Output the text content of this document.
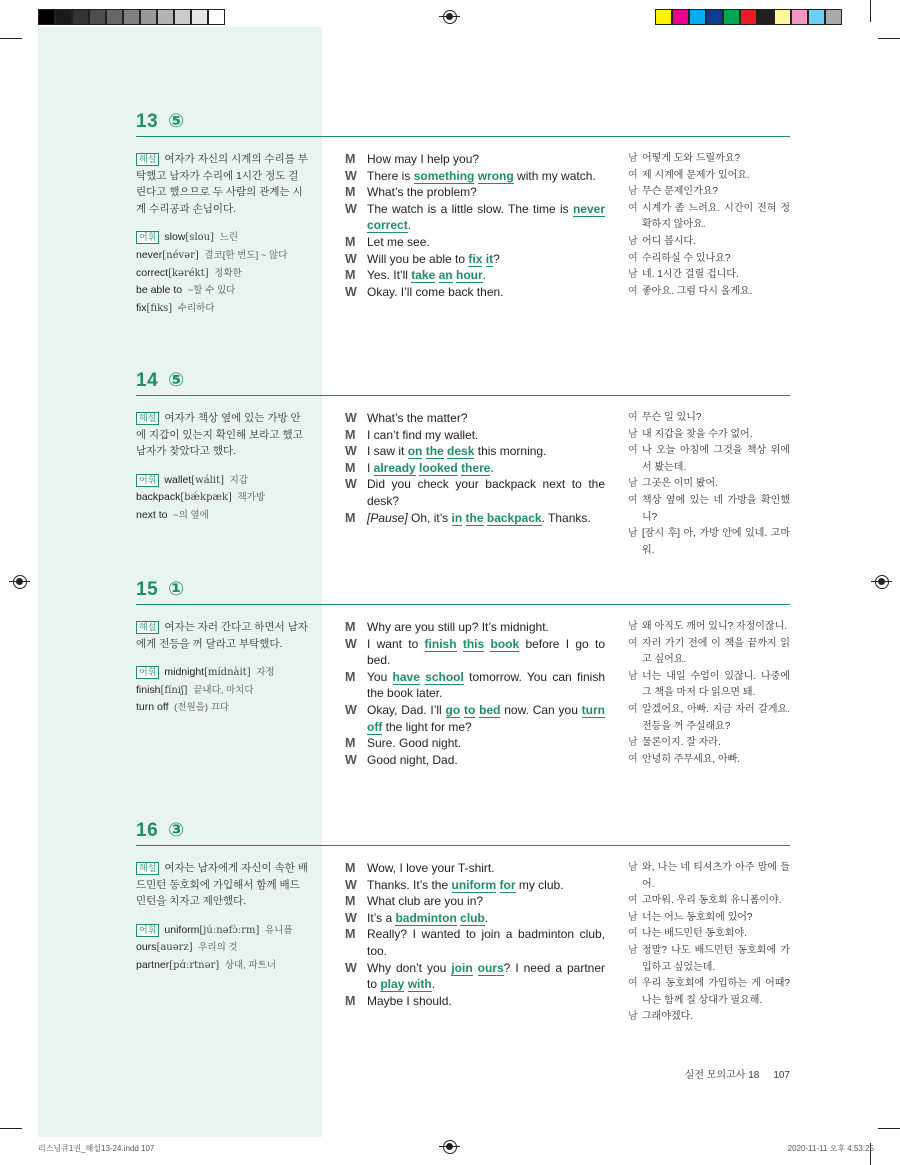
13 ⑤
해설 여자가 자신의 시계의 수리를 부탁했고 남자가 수리에 1시간 정도 걸린다고 했으므로 두 사람의 관계는 시계 수리공과 손님이다.
어휘 slow[slou] 느린
never[névər] 결코[한 번도] ~ 않다
correct[kərékt] 정확한
be able to ~할 수 있다
fix[fiks] 수리하다
M How may I help you?
W There is something wrong with my watch.
M What’s the problem?
W The watch is a little slow. The time is never correct.
M Let me see.
W Will you be able to fix it?
M Yes. It’ll take an hour.
W Okay. I’ll come back then.
남 어떻게 도와 드릴까요?
여 제 시계에 문제가 있어요.
남 무슨 문제인가요?
여 시계가 좀 느려요. 시간이 전혀 정확하지 않아요.
남 어디 봅시다.
여 수리하실 수 있나요?
남 네. 1시간 걸릴 겁니다.
여 좋아요. 그럼 다시 올게요.
14 ⑤
해설 여자가 책상 옆에 있는 가방 안에 지갑이 있는지 확인해 보라고 했고 남자가 찾았다고 했다.
어휘 wallet[wálit] 지갑
backpack[bǽkpæk] 책가방
next to ~의 옆에
W What’s the matter?
M I can’t find my wallet.
W I saw it on the desk this morning.
M I already looked there.
W Did you check your backpack next to the desk?
M [Pause] Oh, it’s in the backpack. Thanks.
여 무슨 일 있니?
남 내 지갑을 찾을 수가 없어.
여 나 오늘 아침에 그것을 책상 위에서 봤는데.
남 그곳은 이미 봤어.
여 책상 옆에 있는 네 가방을 확인했니?
남 [잠시 후] 아, 가방 안에 있네. 고마워.
15 ①
해설 여자는 자러 간다고 하면서 남자에게 전등을 꺼 달라고 부탁했다.
어휘 midnight[mídnàit] 자정
finish[fíniʃ] 끝내다, 마치다
turn off (전원을) 끄다
M Why are you still up? It’s midnight.
W I want to finish this book before I go to bed.
M You have school tomorrow. You can finish the book later.
W Okay, Dad. I’ll go to bed now. Can you turn off the light for me?
M Sure. Good night.
W Good night, Dad.
남 왜 아직도 깨어 있니? 자정이잖니.
여 자러 가기 전에 이 책을 끝까지 읽고 싶어요.
남 너는 내일 수업이 있잖니. 나중에 그 책을 마저 다 읽으면 돼.
여 알겠어요, 아빠. 지금 자러 갈게요. 전등을 꺼 주실래요?
남 물론이지. 잘 자라.
여 안녕히 주무세요, 아빠.
16 ③
해설 여자는 남자에게 자신이 속한 배드민턴 동호회에 가입해서 함께 배드민턴을 치자고 제안했다.
어휘 uniform[júːnəfɔ̀ːrm] 유니폼
ours[auərz] 우리의 것
partner[pɑ́ːrtnər] 상대, 파트너
M Wow, I love your T-shirt.
W Thanks. It’s the uniform for my club.
M What club are you in?
W It’s a badminton club.
M Really? I wanted to join a badminton club, too.
W Why don’t you join ours? I need a partner to play with.
M Maybe I should.
남 와, 나는 네 티셔츠가 아주 맘에 들어.
여 고마워. 우리 동호회 유니폼이야.
남 너는 어느 동호회에 있어?
여 나는 배드민턴 동호회야.
남 정말? 나도 배드민턴 동호회에 가입하고 싶었는데.
여 우리 동호회에 가입하는 게 어때? 나는 함께 칠 상대가 필요해.
남 그래야겠다.
실전 모의고사 18 107
리스닝큐1권_해설13-24.indd 107	2020-11-11 오후 4:53:25
